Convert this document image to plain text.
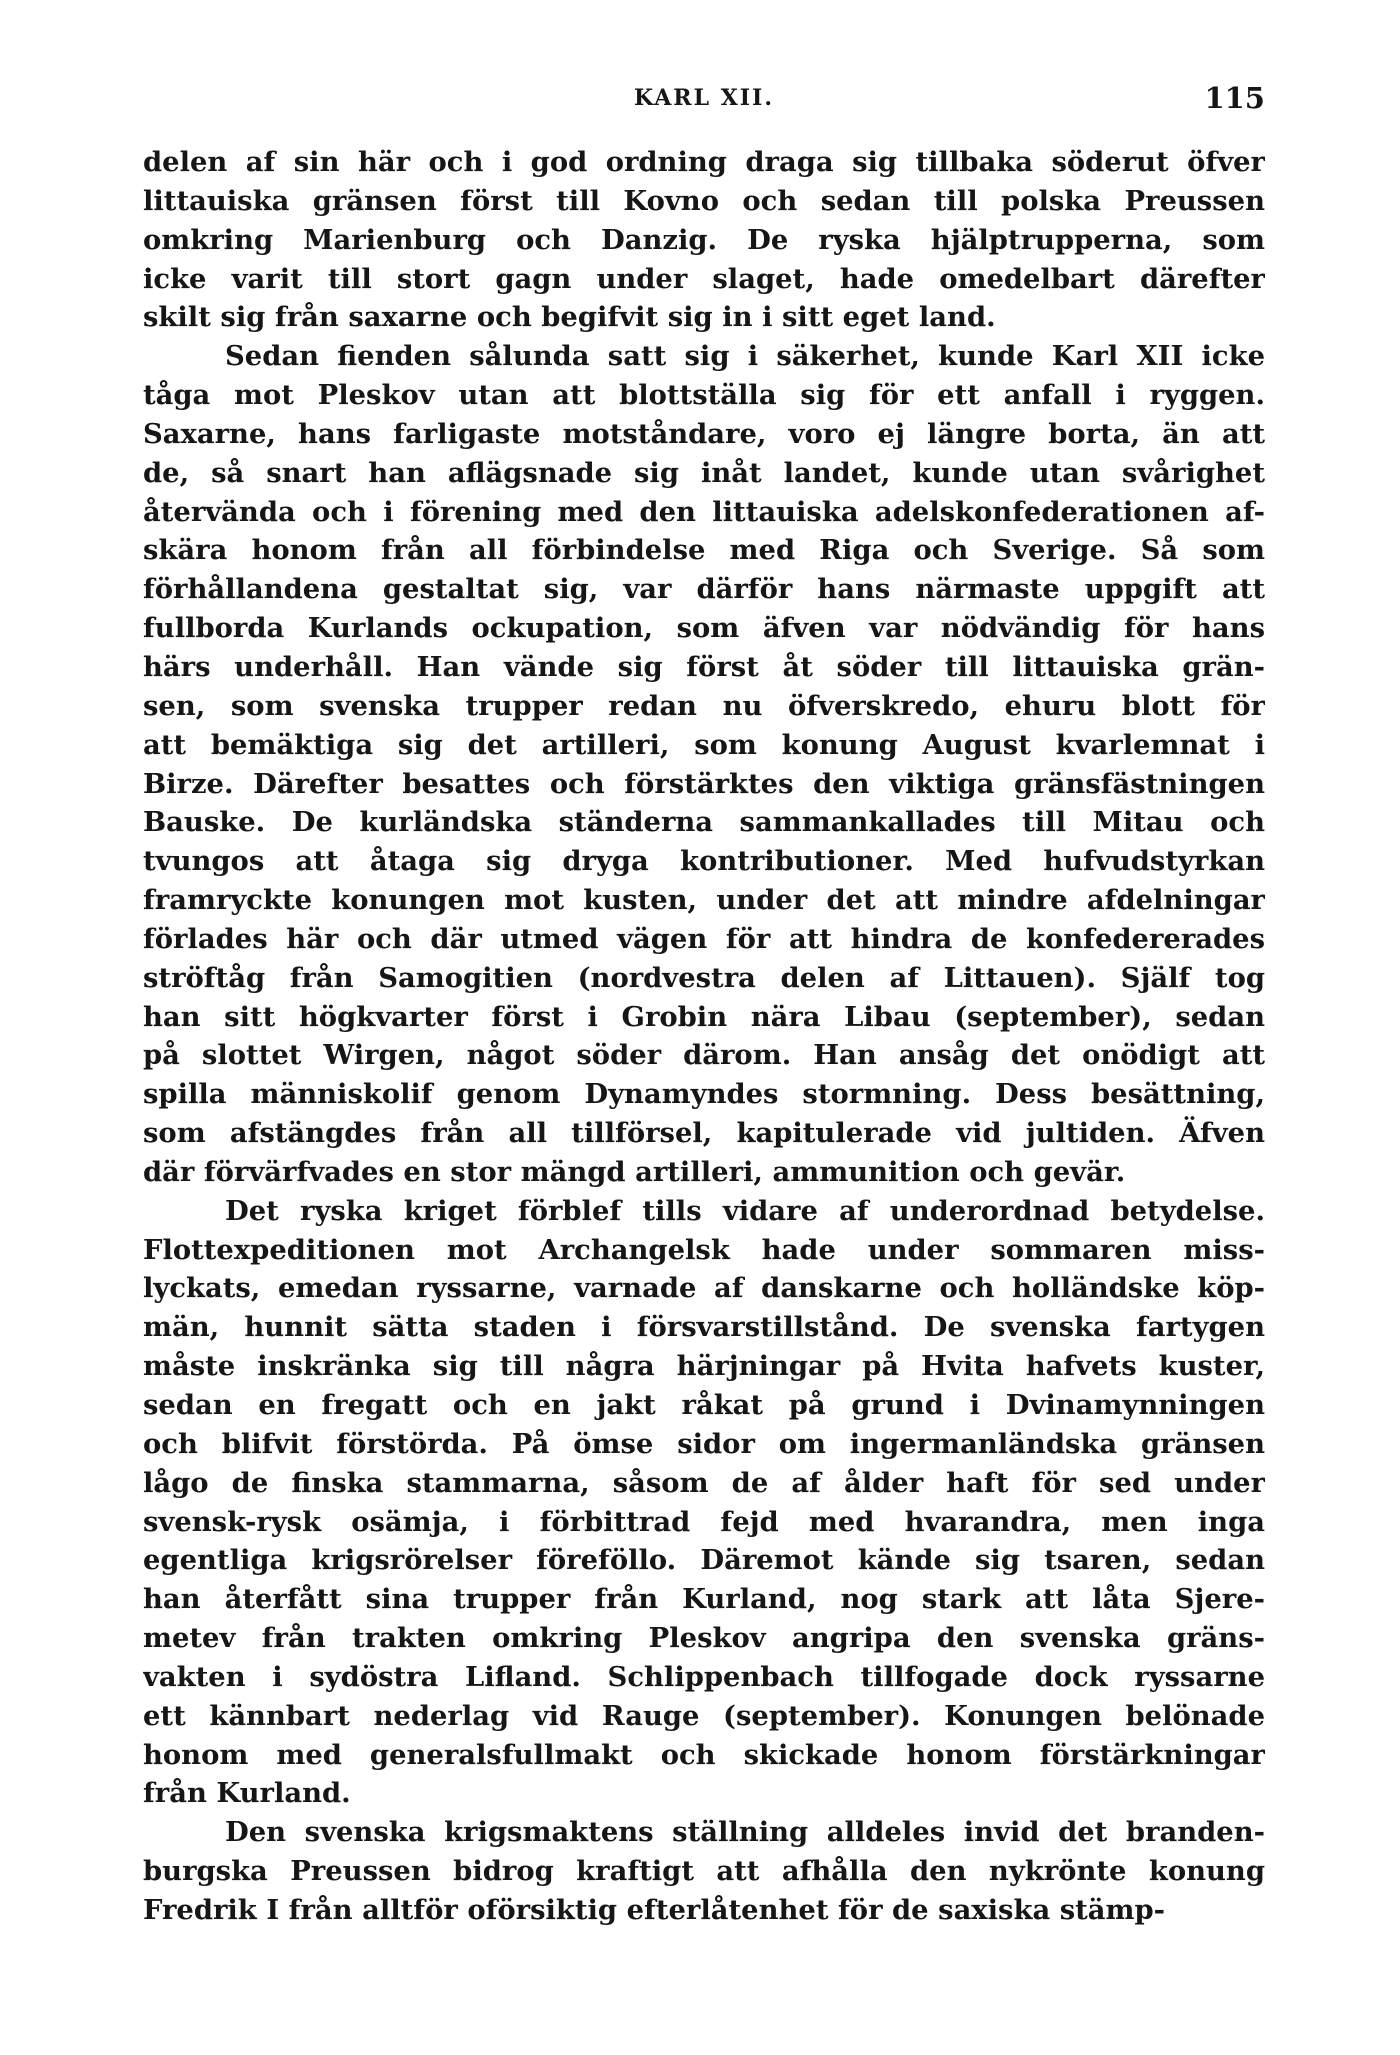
KARL XII.	115
delen af sin här och i god ordning draga sig tillbaka söderut öfver
littauiska gränsen först till Kovno och sedan till polska Preussen
omkring Marienburg och Danzig. De ryska hjälptrupperna, som
icke varit till stort gagn under slaget, hade omedelbart därefter
skilt sig från saxarne och begifvit sig in i sitt eget land.
Sedan fienden sålunda satt sig i säkerhet, kunde Karl XII icke
tåga mot Pleskov utan att blottställa sig för ett anfall i ryggen.
Saxarne, hans farligaste motståndare, voro ej längre borta, än att
de, så snart han aflägsnade sig inåt landet, kunde utan svårighet
återvända och i förening med den littauiska adelskonfederationen af-
skära honom från all förbindelse med Riga och Sverige. Så som
förhållandena gestaltat sig, var därför hans närmaste uppgift att
fullborda Kurlands ockupation, som äfven var nödvändig för hans
härs underhåll. Han vände sig först åt söder till littauiska grän-
sen, som svenska trupper redan nu öfverskredo, ehuru blott för
att bemäktiga sig det artilleri, som konung August kvarlemnat i
Birze. Därefter besattes och förstärktes den viktiga gränsfästningen
Bauske. De kurländska ständerna sammankallades till Mitau och
tvungos att åtaga sig dryga kontributioner. Med hufvudstyrkan
framryckte konungen mot kusten, under det att mindre afdelningar
förlades här och där utmed vägen för att hindra de konfedererades
ströftåg från Samogitien (nordvestra delen af Littauen). Själf tog
han sitt högkvarter först i Grobin nära Libau (september), sedan
på slottet Wirgen, något söder därom. Han ansåg det onödigt att
spilla människolif genom Dynamyndes stormning. Dess besättning,
som afstängdes från all tillförsel, kapitulerade vid jultiden. Äfven
där förvärfvades en stor mängd artilleri, ammunition och gevär.
Det ryska kriget förblef tills vidare af underordnad betydelse.
Flottexpeditionen mot Archangelsk hade under sommaren miss-
lyckats, emedan ryssarne, varnade af danskarne och holländske köp-
män, hunnit sätta staden i försvarstillstånd. De svenska fartygen
måste inskränka sig till några härjningar på Hvita hafvets kuster,
sedan en fregatt och en jakt råkat på grund i Dvinamynningen
och blifvit förstörda. På ömse sidor om ingermanländska gränsen
lågo de finska stammarna, såsom de af ålder haft för sed under
svensk-rysk osämja, i förbittrad fejd med hvarandra, men inga
egentliga krigsrörelser föreföllo. Däremot kände sig tsaren, sedan
han återfått sina trupper från Kurland, nog stark att låta Sjere-
metev från trakten omkring Pleskov angripa den svenska gräns-
vakten i sydöstra Lifland. Schlippenbach tillfogade dock ryssarne
ett kännbart nederlag vid Rauge (september). Konungen belönade
honom med generalsfullmakt och skickade honom förstärkningar
från Kurland.
Den svenska krigsmaktens ställning alldeles invid det branden-
burgska Preussen bidrog kraftigt att afhålla den nykrönte konung
Fredrik I från alltför oförsiktig efterlåtenhet för de saxiska stämp-
